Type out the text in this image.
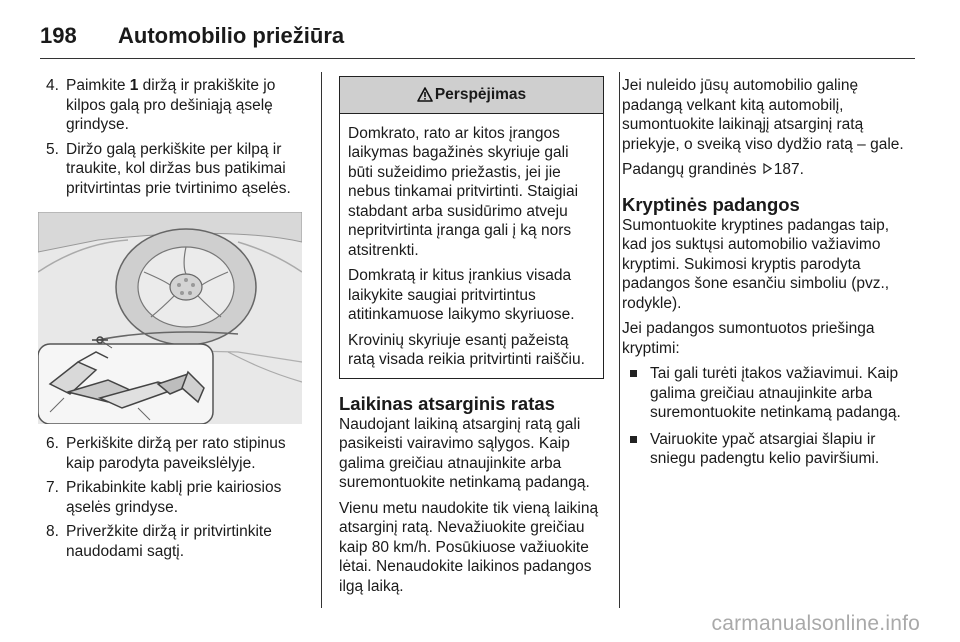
198	Automobilio priežiūra
4. Paimkite 1 diržą ir prakiškite jo kilpos galą pro dešiniąją ąselę grindyse.
5. Diržo galą perkiškite per kilpą ir traukite, kol diržas bus patikimai pritvirtintas prie tvirtinimo ąselės.
6. Perkiškite diržą per rato stipinus kaip parodyta paveikslėlyje.
7. Prikabinkite kablį prie kairiosios ąselės grindyse.
8. Priveržkite diržą ir pritvirtinkite naudodami sagtį.
Perspėjimas

Domkrato, rato ar kitos įrangos laikymas bagažinės skyriuje gali būti sužeidimo priežastis, jei jie nebus tinkamai pritvirtinti. Staigiai stabdant arba susidūrimo atveju nepritvirtinta įranga gali į ką nors atsitrenkti.

Domkratą ir kitus įrankius visada laikykite saugiai pritvirtintus atitinkamuose laikymo skyriuose.

Krovinių skyriuje esantį pažeistą ratą visada reikia pritvirtinti raiščiu.

Laikinas atsarginis ratas

Naudojant laikiną atsarginį ratą gali pasikeisti vairavimo sąlygos. Kaip galima greičiau atnaujinkite arba suremontuokite netinkamą padangą.

Vienu metu naudokite tik vieną laikiną atsarginį ratą. Nevažiuokite greičiau kaip 80 km/h. Posūkiuose važiuokite lėtai. Nenaudokite laikinos padangos ilgą laiką.

Jei nuleido jūsų automobilio galinę padangą velkant kitą automobilį, sumontuokite laikinąjį atsarginį ratą priekyje, o sveiką viso dydžio ratą – gale.

Padangų grandinės 187.

Kryptinės padangos

Sumontuokite kryptines padangas taip, kad jos suktųsi automobilio važiavimo kryptimi. Sukimosi kryptis parodyta padangos šone esančiu simboliu (pvz., rodykle).

Jei padangos sumontuotos priešinga kryptimi:

Tai gali turėti įtakos važiavimui. Kaip galima greičiau atnaujinkite arba suremontuokite netinkamą padangą.
Vairuokite ypač atsargiai šlapiu ir sniegu padengtu kelio paviršiumi.
carmanualsonline.info
